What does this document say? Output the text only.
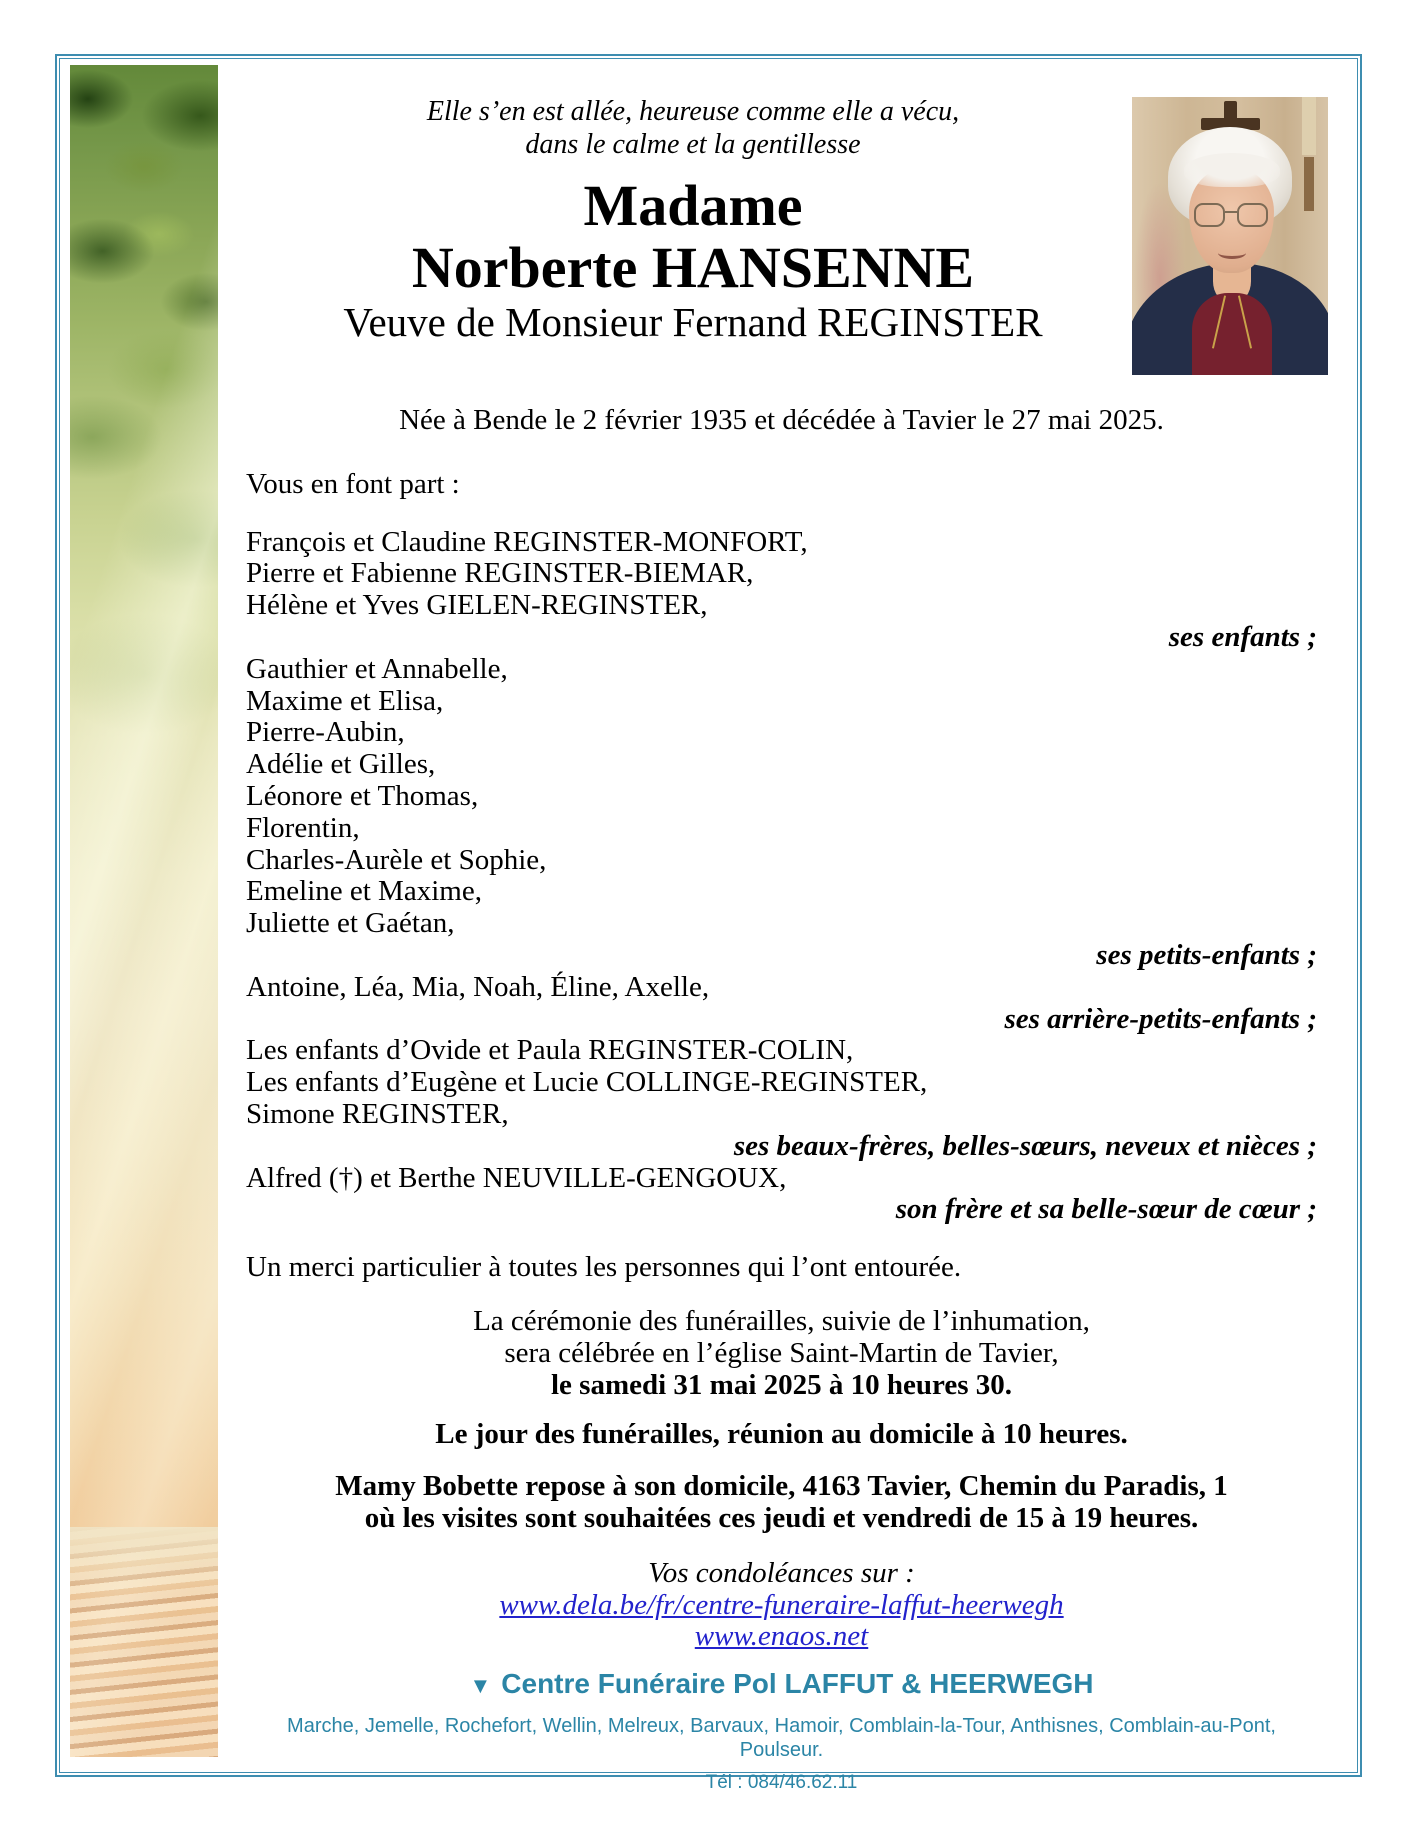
Elle s’en est allée, heureuse comme elle a vécu,

dans le calme et la gentillesse

Madame
Norberte HANSENNE
Veuve de Monsieur Fernand REGINSTER

Née à Bende le 2 février 1935 et décédée à Tavier le 27 mai 2025.

Vous en font part :

François et Claudine REGINSTER-MONFORT,

Pierre et Fabienne REGINSTER-BIEMAR,

Hélène et Yves GIELEN-REGINSTER,

ses enfants ;

Gauthier et Annabelle,

Maxime et Elisa,

Pierre-Aubin,

Adélie et Gilles,

Léonore et Thomas,

Florentin,

Charles-Aurèle et Sophie,

Emeline et Maxime,

Juliette et Gaétan,

ses petits-enfants ;

Antoine, Léa, Mia, Noah, Éline, Axelle,

ses arrière-petits-enfants ;

Les enfants d’Ovide et Paula REGINSTER-COLIN,

Les enfants d’Eugène et Lucie COLLINGE-REGINSTER,

Simone REGINSTER,

ses beaux-frères, belles-sœurs, neveux et nièces ;

Alfred (†) et Berthe NEUVILLE-GENGOUX,

son frère et sa belle-sœur de cœur ;

Un merci particulier à toutes les personnes qui l’ont entourée.

La cérémonie des funérailles, suivie de l’inhumation,

sera célébrée en l’église Saint-Martin de Tavier,

le samedi 31 mai 2025 à 10 heures 30.

Le jour des funérailles, réunion au domicile à 10 heures.

Mamy Bobette repose à son domicile, 4163 Tavier, Chemin du Paradis, 1

où les visites sont souhaitées ces jeudi et vendredi de 15 à 19 heures.

Vos condoléances sur :

www.dela.be/fr/centre-funeraire-laffut-heerwegh
www.enaos.net

▼ Centre Funéraire Pol LAFFUT & HEERWEGH

Marche, Jemelle, Rochefort, Wellin, Melreux, Barvaux, Hamoir, Comblain-la-Tour, Anthisnes, Comblain-au-Pont, Poulseur.

Tél : 084/46.62.11
